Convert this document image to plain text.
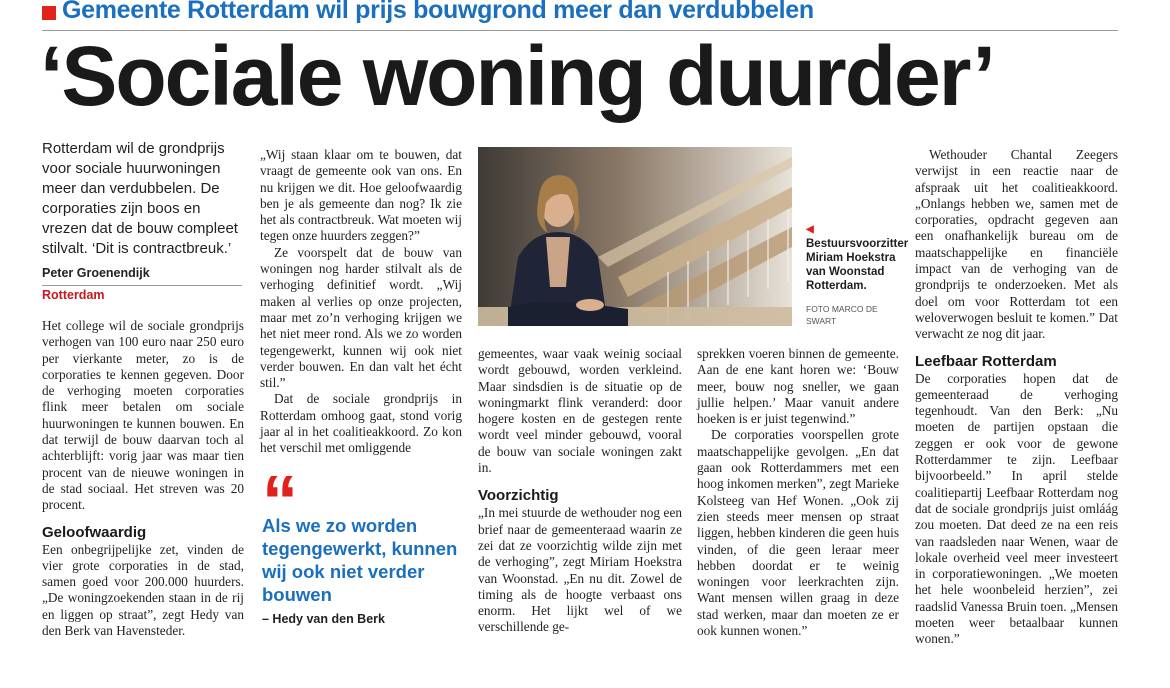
Gemeente Rotterdam wil prijs bouwgrond meer dan verdubbelen
‘Sociale woning duurder’
Rotterdam wil de grondprijs voor sociale huurwoningen meer dan verdubbelen. De corporaties zijn boos en vrezen dat de bouw compleet stilvalt. ‘Dit is contractbreuk.’
Peter Groenendijk
Rotterdam

Het college wil de sociale grondprijs verhogen van 100 euro naar 250 euro per vierkante meter, zo is de corporaties te kennen gegeven. Door de verhoging moeten corporaties flink meer betalen om sociale huurwoningen te kunnen bouwen. En dat terwijl de bouw daarvan toch al achterblijft: vorig jaar was maar tien procent van de nieuwe woningen in de stad sociaal. Het streven was 20 procent.

Geloofwaardig

Een onbegrijpelijke zet, vinden de vier grote corporaties in de stad, samen goed voor 200.000 huurders. „De woningzoekenden staan in de rij en liggen op straat”, zegt Hedy van den Berk van Havensteder.

„Wij staan klaar om te bouwen, dat vraagt de gemeente ook van ons. En nu krijgen we dit. Hoe geloofwaardig ben je als gemeente dan nog? Ik zie het als contractbreuk. Wat moeten wij tegen onze huurders zeggen?”

Ze voorspelt dat de bouw van woningen nog harder stilvalt als de verhoging definitief wordt. „Wij maken al verlies op onze projecten, maar met zo’n verhoging krijgen we het niet meer rond. Als we zo worden tegengewerkt, kunnen wij ook niet verder bouwen. En dan valt het écht stil.”

Dat de sociale grondprijs in Rotterdam omhoog gaat, stond vorig jaar al in het coalitieakkoord. Zo kon het verschil met omliggende

“
Als we zo worden tegengewerkt, kunnen wij ook niet verder bouwen
– Hedy van den Berk
◀ Bestuursvoorzitter Miriam Hoekstra van Woonstad Rotterdam.
FOTO MARCO DE SWART

gemeentes, waar vaak weinig sociaal wordt gebouwd, worden verkleind. Maar sindsdien is de situatie op de woningmarkt flink veranderd: door hogere kosten en de gestegen rente wordt veel minder gebouwd, vooral de bouw van sociale woningen zakt in.

Voorzichtig

„In mei stuurde de wethouder nog een brief naar de gemeenteraad waarin ze zei dat ze voorzichtig wilde zijn met de verhoging”, zegt Miriam Hoekstra van Woonstad. „En nu dit. Zowel de timing als de hoogte verbaast ons enorm. Het lijkt wel of we verschillende ge-

sprekken voeren binnen de gemeente. Aan de ene kant horen we: ‘Bouw meer, bouw nog sneller, we gaan jullie helpen.’ Maar vanuit andere hoeken is er juist tegenwind.”

De corporaties voorspellen grote maatschappelijke gevolgen. „En dat gaan ook Rotterdammers met een hoog inkomen merken”, zegt Marieke Kolsteeg van Hef Wonen. „Ook zij zien steeds meer mensen op straat liggen, hebben kinderen die geen huis vinden, of die geen leraar meer hebben doordat er te weinig woningen voor leerkrachten zijn. Want mensen willen graag in deze stad werken, maar dan moeten ze er ook kunnen wonen.”

Wethouder Chantal Zeegers verwijst in een reactie naar de afspraak uit het coalitieakkoord. „Onlangs hebben we, samen met de corporaties, opdracht gegeven aan een onafhankelijk bureau om de maatschappelijke en financiële impact van de verhoging van de grondprijs te onderzoeken. Met als doel om voor Rotterdam tot een weloverwogen besluit te komen.” Dat verwacht ze nog dit jaar.

Leefbaar Rotterdam

De corporaties hopen dat de gemeenteraad de verhoging tegenhoudt. Van den Berk: „Nu moeten de partijen opstaan die zeggen er ook voor de gewone Rotterdammer te zijn. Leefbaar bijvoorbeeld.” In april stelde coalitiepartij Leefbaar Rotterdam nog dat de sociale grondprijs juist omláág zou moeten. Dat deed ze na een reis van raadsleden naar Wenen, waar de lokale overheid veel meer investeert in corporatiewoningen. „We moeten het hele woonbeleid herzien”, zei raadslid Vanessa Bruin toen. „Mensen moeten weer betaalbaar kunnen wonen.”
